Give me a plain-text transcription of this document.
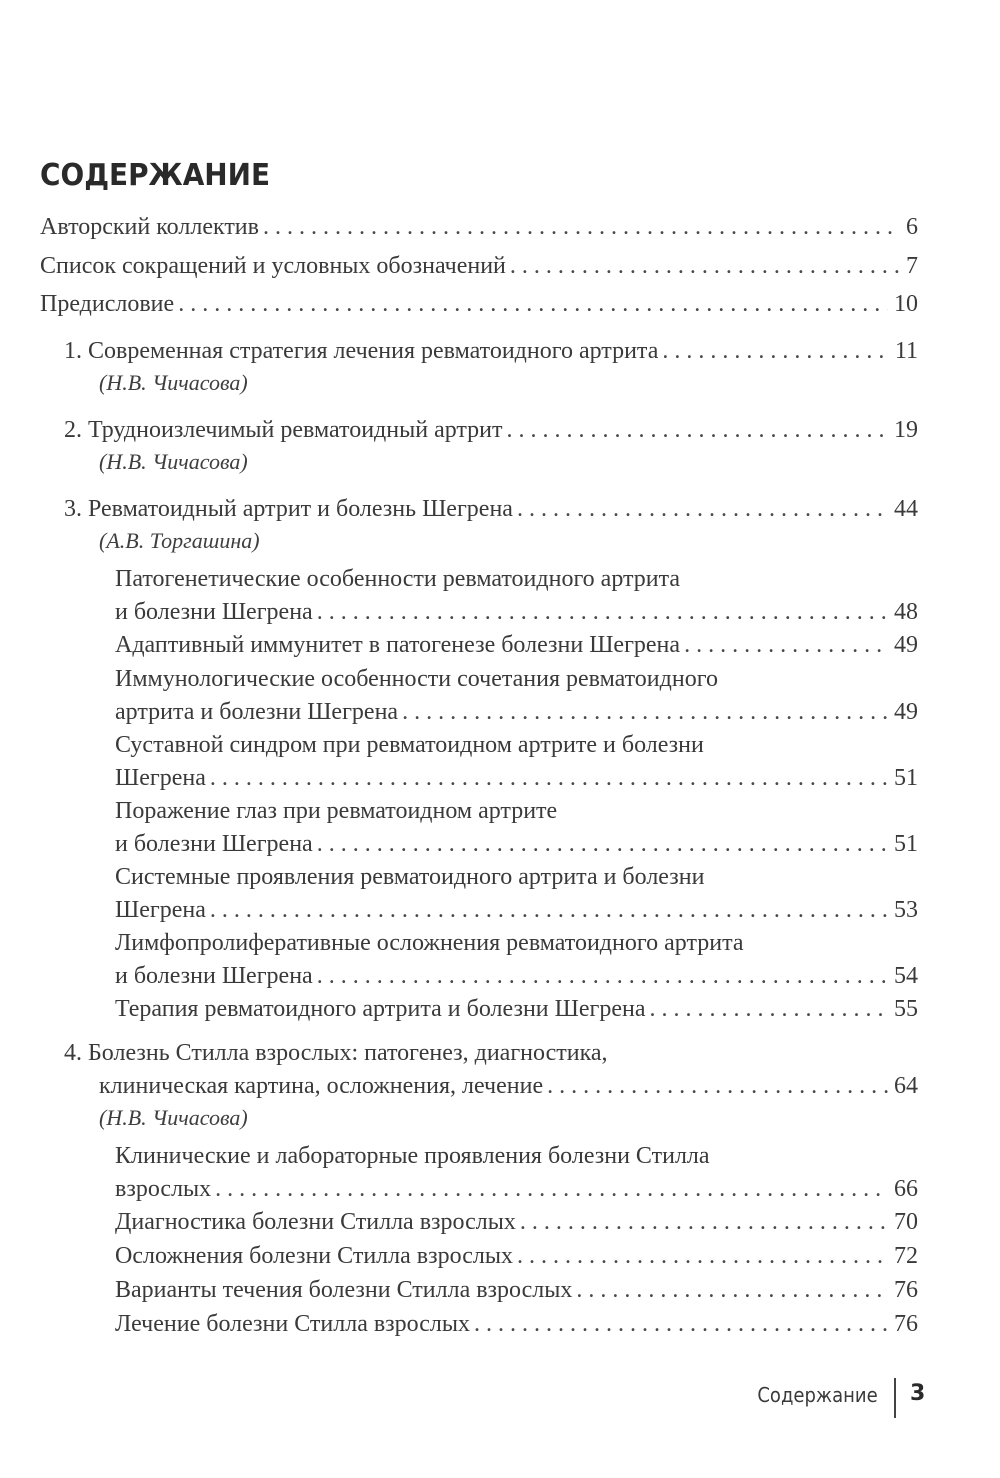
СОДЕРЖАНИЕ
Авторский коллектив . . .	6
Список сокращений и условных обозначений . . .	7
Предисловие . . .	10
1. Современная стратегия лечения ревматоидного артрита . . .	11
(Н.В. Чичасова)
2. Трудноизлечимый ревматоидный артрит . . .	19
(Н.В. Чичасова)
3. Ревматоидный артрит и болезнь Шегрена . . .	44
(А.В. Торгашина)
Патогенетические особенности ревматоидного артрита
и болезни Шегрена . . .	48
Адаптивный иммунитет в патогенезе болезни Шегрена . . .	49
Иммунологические особенности сочетания ревматоидного
артрита и болезни Шегрена . . .	49
Суставной синдром при ревматоидном артрите и болезни
Шегрена . . .	51
Поражение глаз при ревматоидном артрите
и болезни Шегрена . . .	51
Системные проявления ревматоидного артрита и болезни
Шегрена . . .	53
Лимфопролиферативные осложнения ревматоидного артрита
и болезни Шегрена . . .	54
Терапия ревматоидного артрита и болезни Шегрена . . .	55
4. Болезнь Стилла взрослых: патогенез, диагностика,
клиническая картина, осложнения, лечение . . .	64
(Н.В. Чичасова)
Клинические и лабораторные проявления болезни Стилла
взрослых . . .	66
Диагностика болезни Стилла взрослых . . .	70
Осложнения болезни Стилла взрослых . . .	72
Варианты течения болезни Стилла взрослых . . .	76
Лечение болезни Стилла взрослых . . .	76
Содержание 3
